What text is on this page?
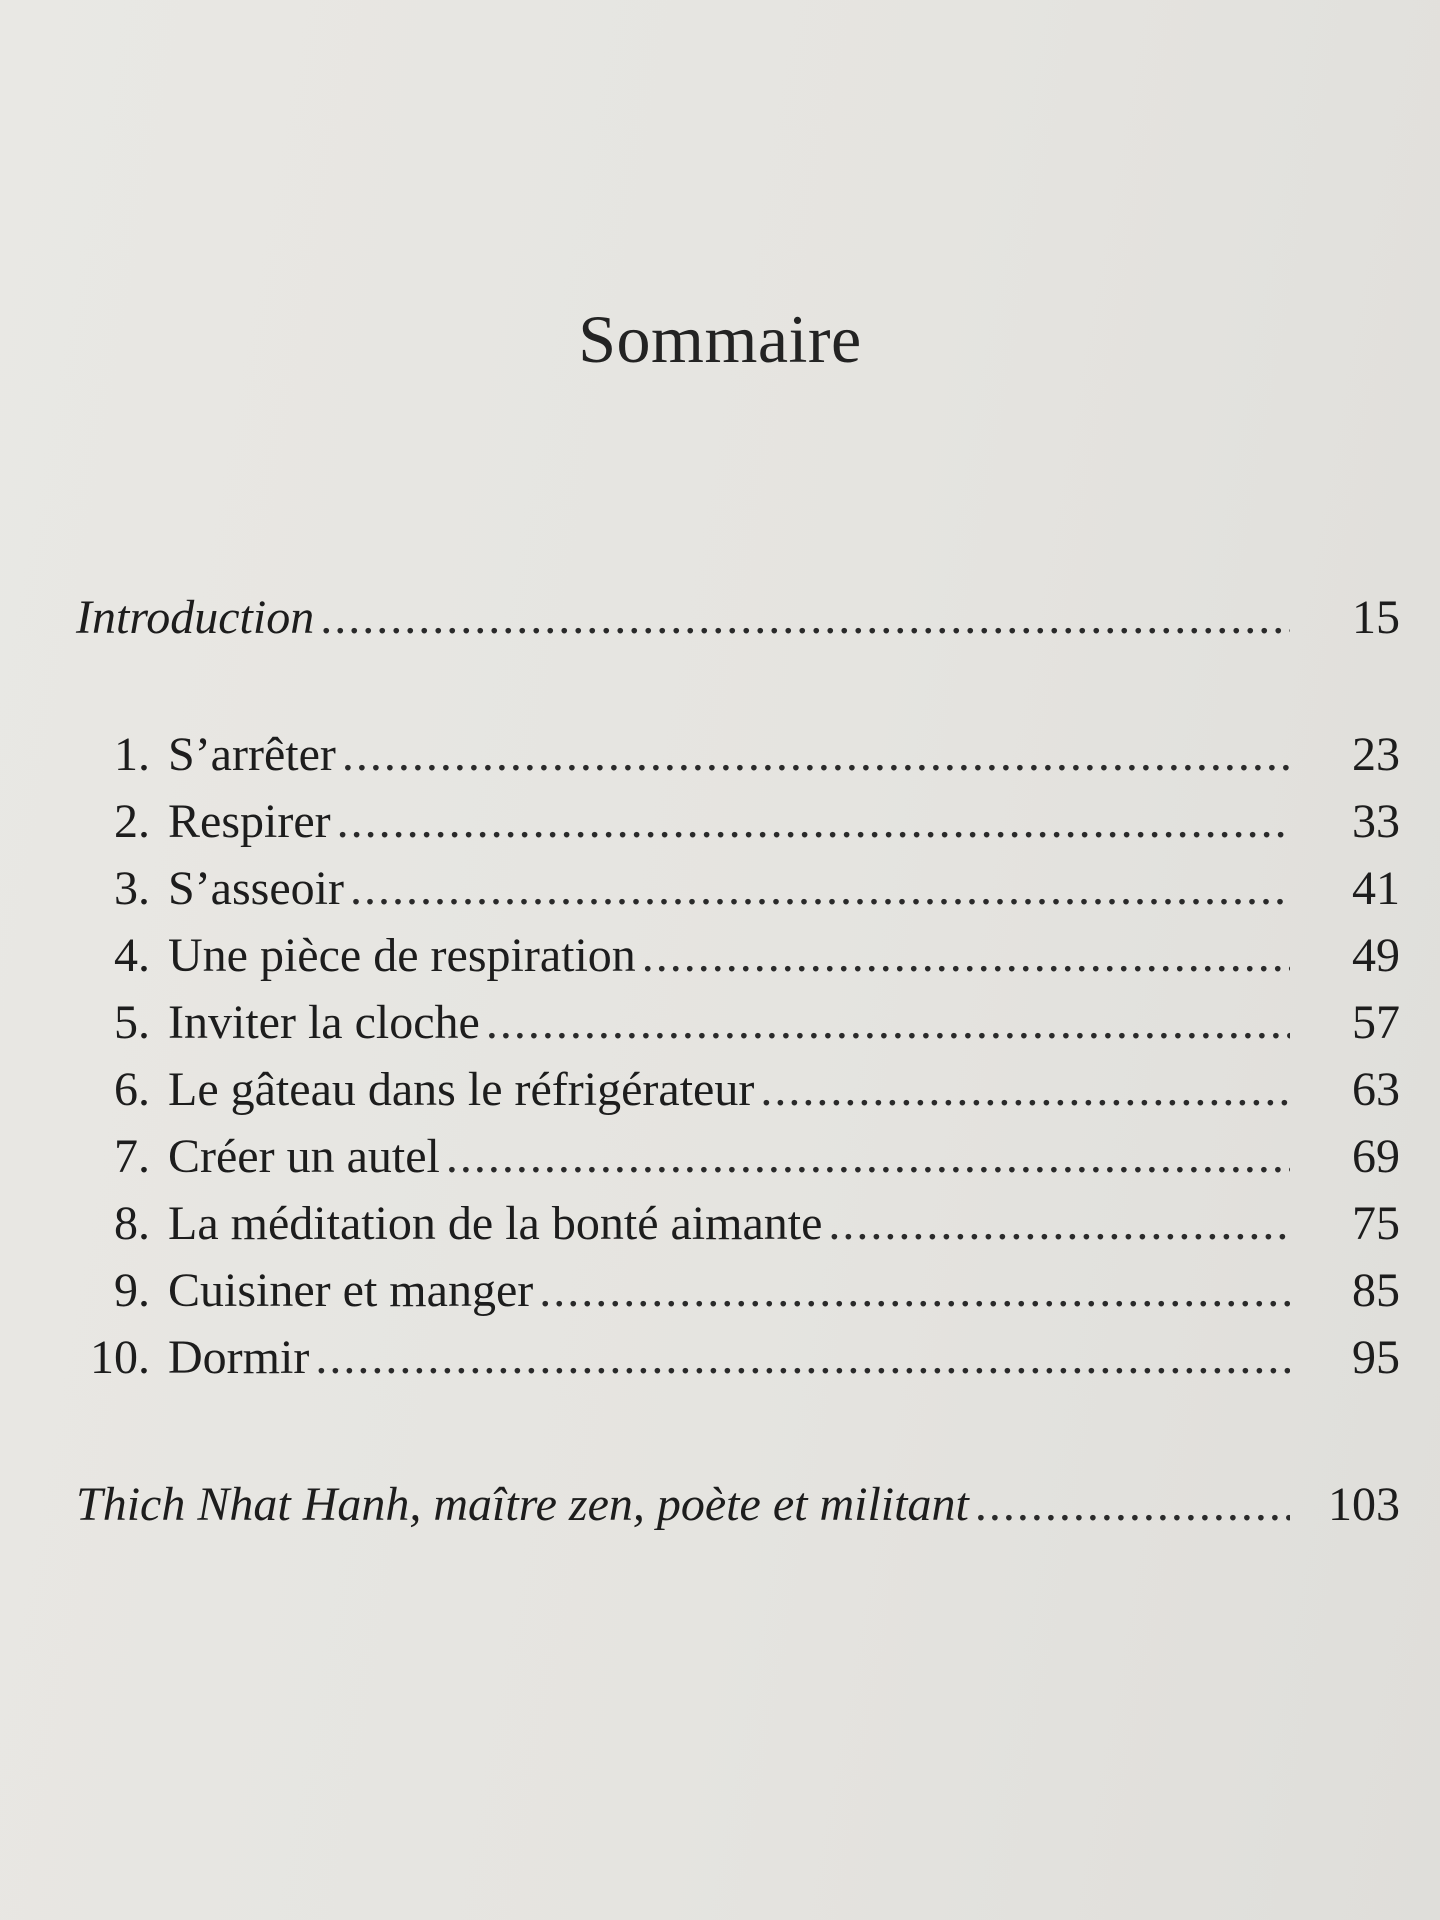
Sommaire
Introduction .....	15
1. S’arrêter .....	23
2. Respirer .....	33
3. S’asseoir .....	41
4. Une pièce de respiration .....	49
5. Inviter la cloche .....	57
6. Le gâteau dans le réfrigérateur .....	63
7. Créer un autel .....	69
8. La méditation de la bonté aimante .....	75
9. Cuisiner et manger .....	85
10. Dormir .....	95
Thich Nhat Hanh, maître zen, poète et militant .....	103
